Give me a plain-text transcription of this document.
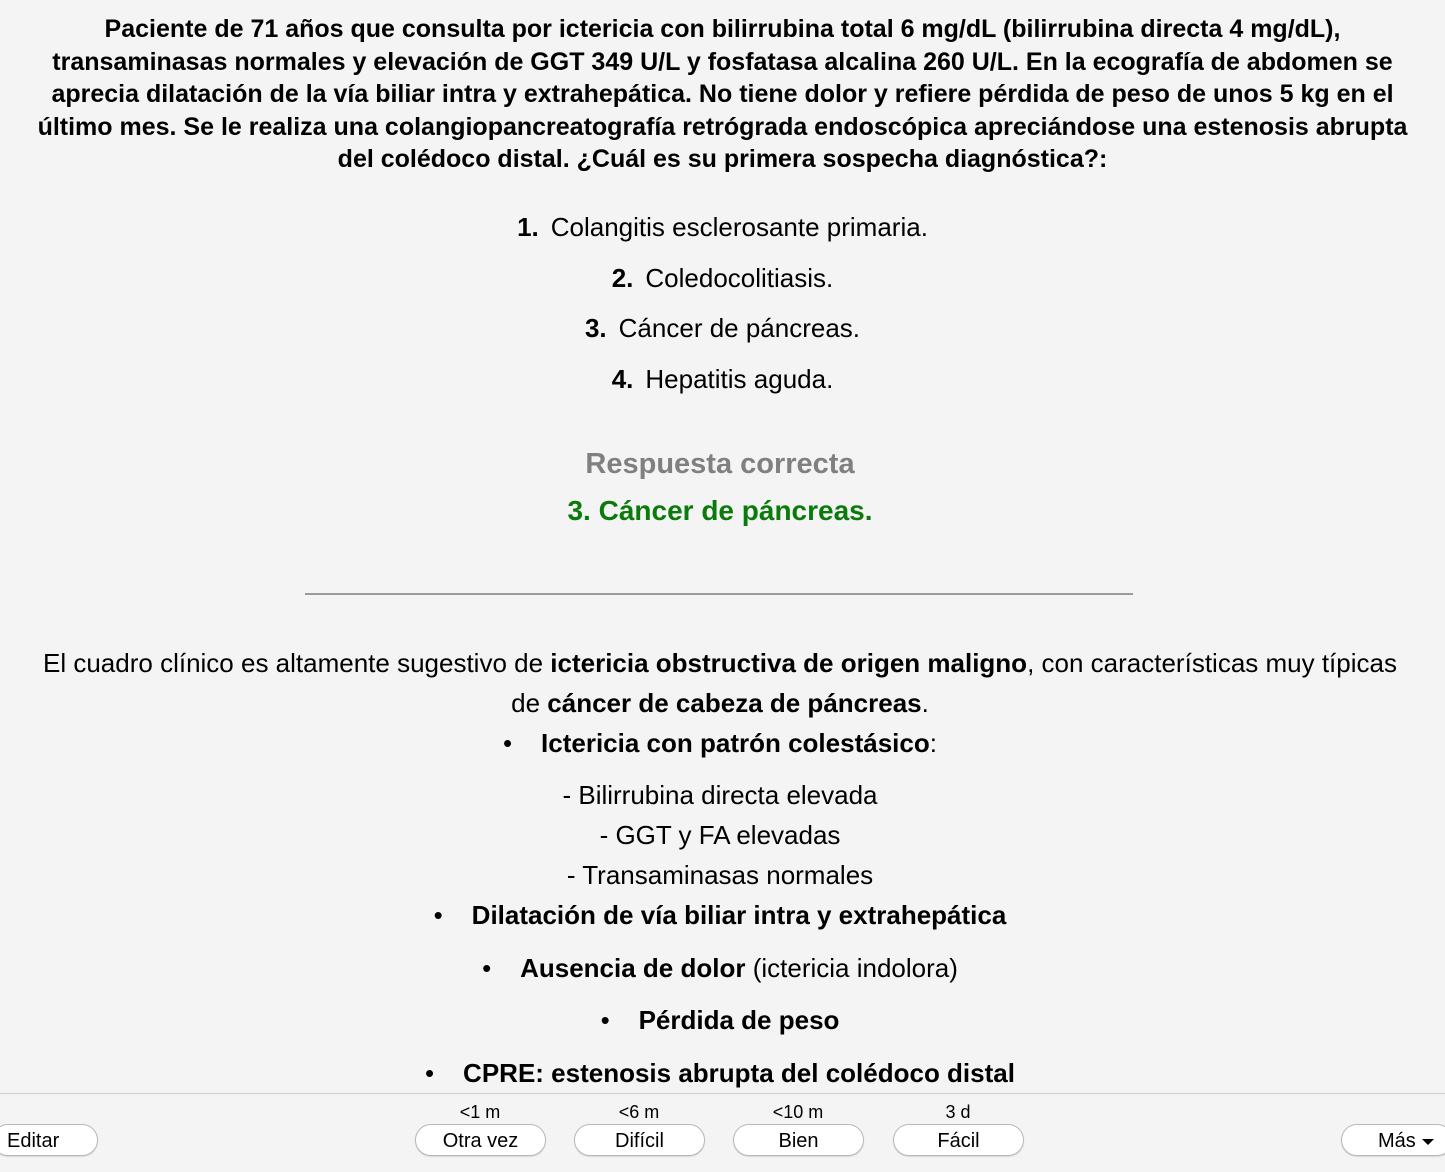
Paciente de 71 años que consulta por ictericia con bilirrubina total 6 mg/dL (bilirrubina directa 4 mg/dL), transaminasas normales y elevación de GGT 349 U/L y fosfatasa alcalina 260 U/L. En la ecografía de abdomen se aprecia dilatación de la vía biliar intra y extrahepática. No tiene dolor y refiere pérdida de peso de unos 5 kg en el último mes. Se le realiza una colangiopancreatografía retrógrada endoscópica apreciándose una estenosis abrupta del colédoco distal. ¿Cuál es su primera sospecha diagnóstica?:
1. Colangitis esclerosante primaria.
2. Coledocolitiasis.
3. Cáncer de páncreas.
4. Hepatitis aguda.
Respuesta correcta
3. Cáncer de páncreas.
El cuadro clínico es altamente sugestivo de ictericia obstructiva de origen maligno, con características muy típicas de cáncer de cabeza de páncreas.
• Ictericia con patrón colestásico:
- Bilirrubina directa elevada
- GGT y FA elevadas
- Transaminasas normales
• Dilatación de vía biliar intra y extrahepática
• Ausencia de dolor (ictericia indolora)
• Pérdida de peso
• CPRE: estenosis abrupta del colédoco distal
Editar
<1 m
Otra vez
<6 m
Difícil
<10 m
Bien
3 d
Fácil	Más
